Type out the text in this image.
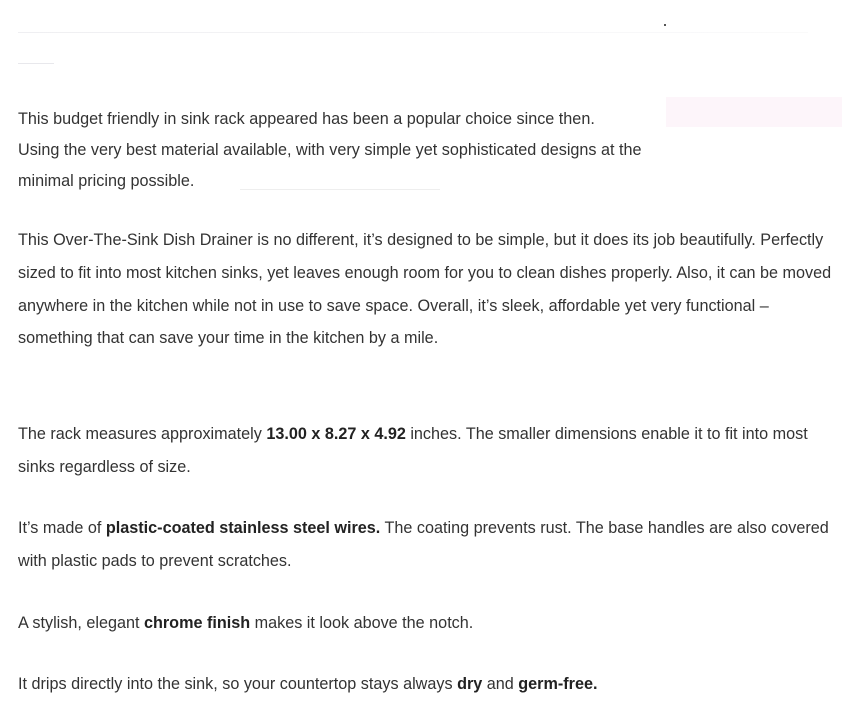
This budget friendly in sink rack appeared has been a popular choice since then.

Using the very best material available, with very simple yet sophisticated designs at the

minimal pricing possible.

This Over-The-Sink Dish Drainer is no different, it’s designed to be simple, but it does its job beautifully. Perfectly sized to fit into most kitchen sinks, yet leaves enough room for you to clean dishes properly. Also, it can be moved anywhere in the kitchen while not in use to save space. Overall, it’s sleek, affordable yet very functional – something that can save your time in the kitchen by a mile.

The rack measures approximately 13.00 x 8.27 x 4.92 inches. The smaller dimensions enable it to fit into most sinks regardless of size.

It’s made of plastic-coated stainless steel wires. The coating prevents rust. The base handles are also covered with plastic pads to prevent scratches.

A stylish, elegant chrome finish makes it look above the notch.

It drips directly into the sink, so your countertop stays always dry and germ-free.
